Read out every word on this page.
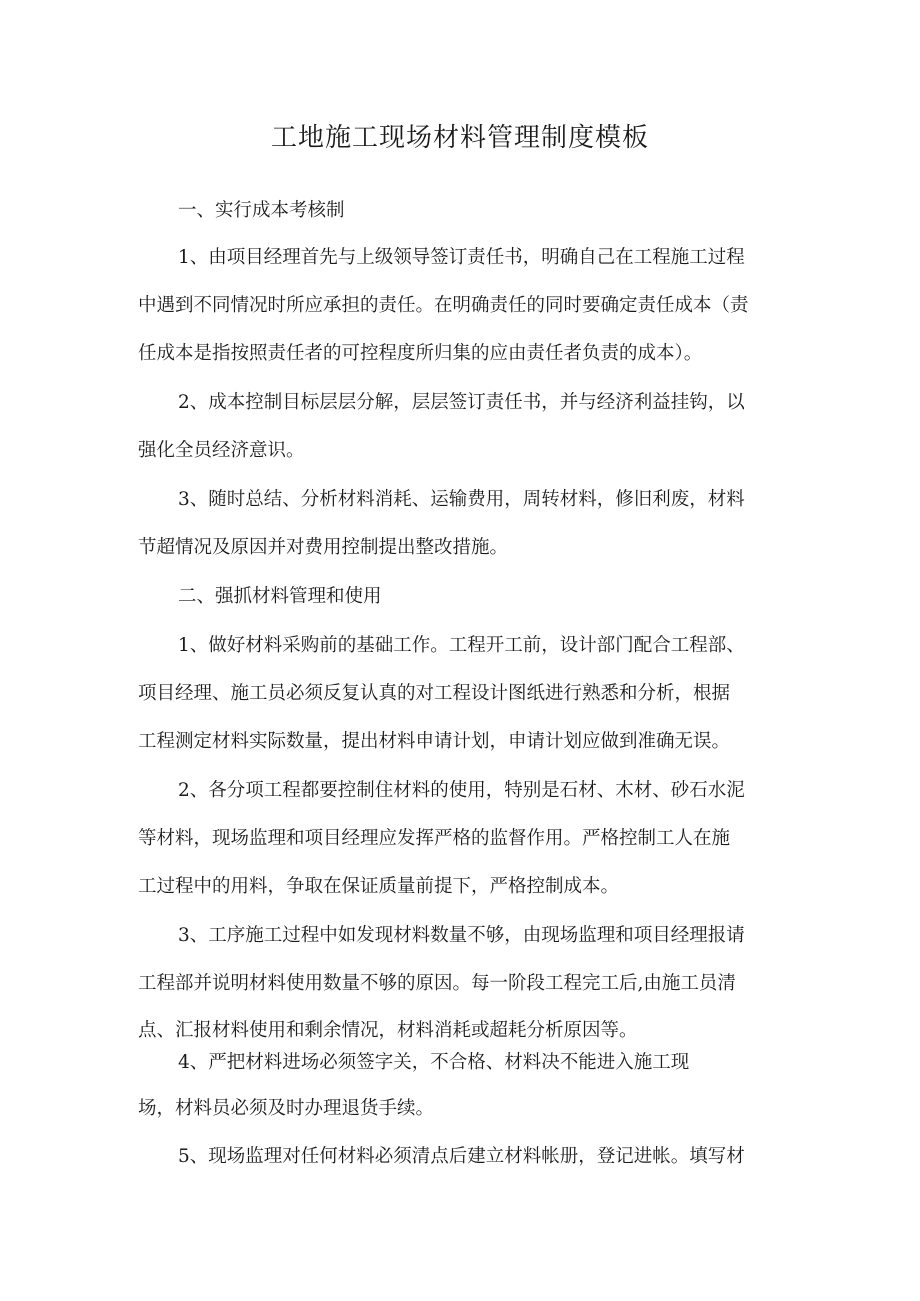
工地施工现场材料管理制度模板
一、实行成本考核制
1、由项目经理首先与上级领导签订责任书，明确自己在工程施工过程
中遇到不同情况时所应承担的责任。在明确责任的同时要确定责任成本（责
任成本是指按照责任者的可控程度所归集的应由责任者负责的成本）。
2、成本控制目标层层分解，层层签订责任书，并与经济利益挂钩，以
强化全员经济意识。
3、随时总结、分析材料消耗、运输费用，周转材料，修旧利废，材料
节超情况及原因并对费用控制提出整改措施。
二、强抓材料管理和使用
1、做好材料采购前的基础工作。工程开工前，设计部门配合工程部、
项目经理、施工员必须反复认真的对工程设计图纸进行熟悉和分析，根据
工程测定材料实际数量，提出材料申请计划，申请计划应做到准确无误。
2、各分项工程都要控制住材料的使用，特别是石材、木材、砂石水泥
等材料，现场监理和项目经理应发挥严格的监督作用。严格控制工人在施
工过程中的用料，争取在保证质量前提下，严格控制成本。
3、工序施工过程中如发现材料数量不够，由现场监理和项目经理报请
工程部并说明材料使用数量不够的原因。每一阶段工程完工后,由施工员清
点、汇报材料使用和剩余情况，材料消耗或超耗分析原因等。
4、严把材料进场必须签字关，不合格、材料决不能进入施工现
场，材料员必须及时办理退货手续。
5、现场监理对任何材料必须清点后建立材料帐册，登记进帐。填写材
